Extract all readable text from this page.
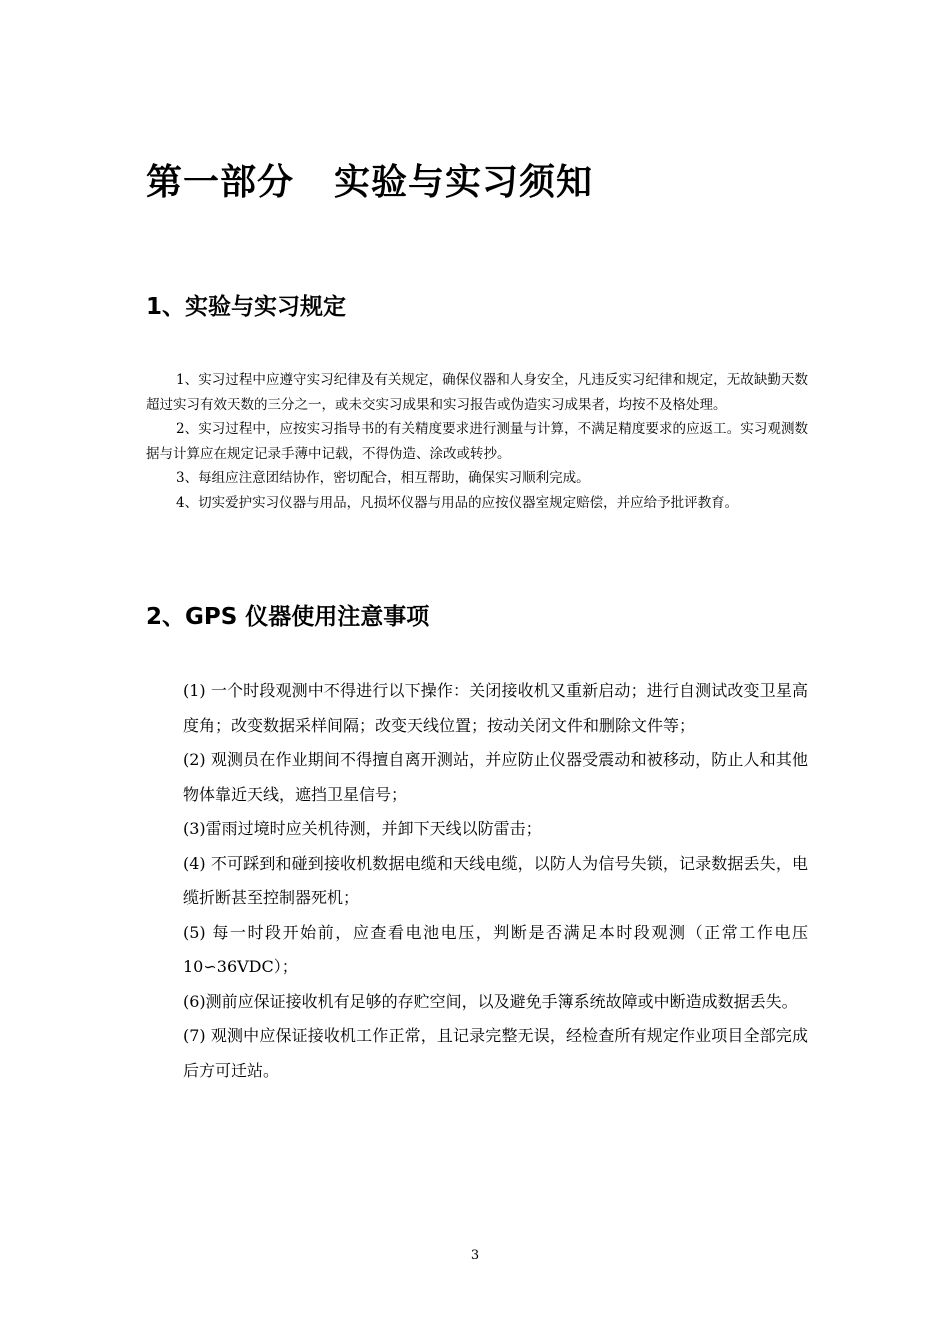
第一部分 实验与实习须知
1、实验与实习规定

1、实习过程中应遵守实习纪律及有关规定，确保仪器和人身安全，凡违反实习纪律和规定，无故缺勤天数超过实习有效天数的三分之一，或未交实习成果和实习报告或伪造实习成果者，均按不及格处理。

2、实习过程中，应按实习指导书的有关精度要求进行测量与计算，不满足精度要求的应返工。实习观测数据与计算应在规定记录手薄中记载，不得伪造、涂改或转抄。

3、每组应注意团结协作，密切配合，相互帮助，确保实习顺利完成。

4、切实爱护实习仪器与用品，凡损坏仪器与用品的应按仪器室规定赔偿，并应给予批评教育。

2、GPS 仪器使用注意事项

(1) 一个时段观测中不得进行以下操作：关闭接收机又重新启动；进行自测试改变卫星高度角；改变数据采样间隔；改变天线位置；按动关闭文件和删除文件等；

(2) 观测员在作业期间不得擅自离开测站，并应防止仪器受震动和被移动，防止人和其他物体靠近天线，遮挡卫星信号；

(3)雷雨过境时应关机待测，并卸下天线以防雷击；

(4) 不可踩到和碰到接收机数据电缆和天线电缆，以防人为信号失锁，记录数据丢失，电缆折断甚至控制器死机；

(5) 每一时段开始前，应查看电池电压，判断是否满足本时段观测（正常工作电压 10∽36VDC）；

(6)测前应保证接收机有足够的存贮空间，以及避免手簿系统故障或中断造成数据丢失。

(7) 观测中应保证接收机工作正常，且记录完整无误，经检查所有规定作业项目全部完成后方可迁站。

3
